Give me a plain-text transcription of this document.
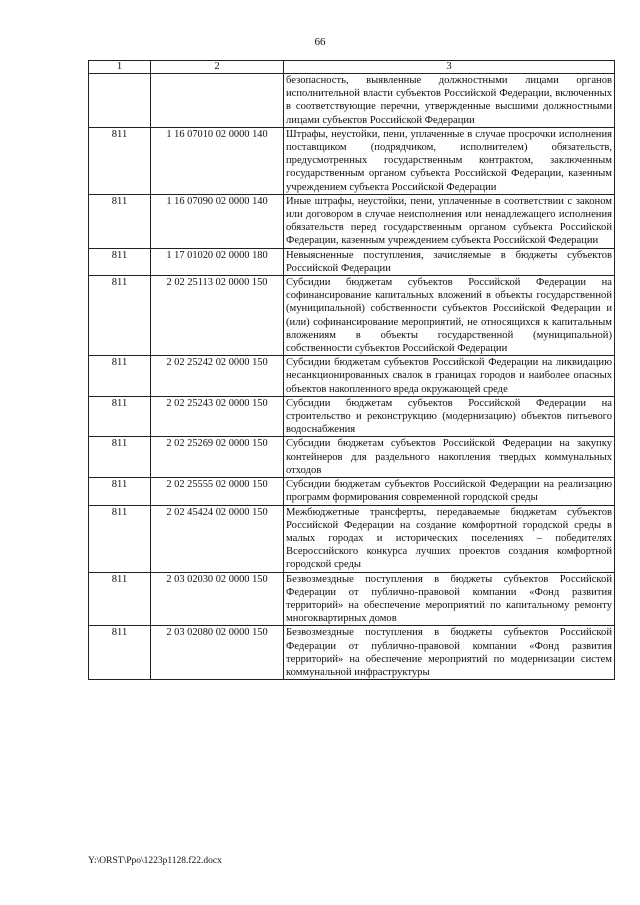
66
1	2	3
		безопасность, выявленные должностными лицами органов исполнительной власти субъектов Российской Федерации, включенных в соответствующие перечни, утвержденные высшими должностными лицами субъектов Российской Федерации
811	1 16 07010 02 0000 140	Штрафы, неустойки, пени, уплаченные в случае просрочки исполнения поставщиком (подрядчиком, исполнителем) обязательств, предусмотренных государственным контрактом, заключенным государственным органом субъекта Российской Федерации, казенным учреждением субъекта Российской Федерации
811	1 16 07090 02 0000 140	Иные штрафы, неустойки, пени, уплаченные в соответствии с законом или договором в случае неисполнения или ненадлежащего исполнения обязательств перед государственным органом субъекта Российской Федерации, казенным учреждением субъекта Российской Федерации
811	1 17 01020 02 0000 180	Невыясненные поступления, зачисляемые в бюджеты субъектов Российской Федерации
811	2 02 25113 02 0000 150	Субсидии бюджетам субъектов Российской Федерации на софинансирование капитальных вложений в объекты государственной (муниципальной) собственности субъектов Российской Федерации и (или) софинансирование мероприятий, не относящихся к капитальным вложениям в объекты государственной (муниципальной) собственности субъектов Российской Федерации
811	2 02 25242 02 0000 150	Субсидии бюджетам субъектов Российской Федерации на ликвидацию несанкционированных свалок в границах городов и наиболее опасных объектов накопленного вреда окружающей среде
811	2 02 25243 02 0000 150	Субсидии бюджетам субъектов Российской Федерации на строительство и реконструкцию (модернизацию) объектов питьевого водоснабжения
811	2 02 25269 02 0000 150	Субсидии бюджетам субъектов Российской Федерации на закупку контейнеров для раздельного накопления твердых коммунальных отходов
811	2 02 25555 02 0000 150	Субсидии бюджетам субъектов Российской Федерации на реализацию программ формирования современной городской среды
811	2 02 45424 02 0000 150	Межбюджетные трансферты, передаваемые бюджетам субъектов Российской Федерации на создание комфортной городской среды в малых городах и исторических поселениях – победителях Всероссийского конкурса лучших проектов создания комфортной городской среды
811	2 03 02030 02 0000 150	Безвозмездные поступления в бюджеты субъектов Российской Федерации от публично-правовой компании «Фонд развития территорий» на обеспечение мероприятий по капитальному ремонту многоквартирных домов
811	2 03 02080 02 0000 150	Безвозмездные поступления в бюджеты субъектов Российской Федерации от публично-правовой компании «Фонд развития территорий» на обеспечение мероприятий по модернизации систем коммунальной инфраструктуры
Y:\ORST\Ppo\1223p1128.f22.docx
